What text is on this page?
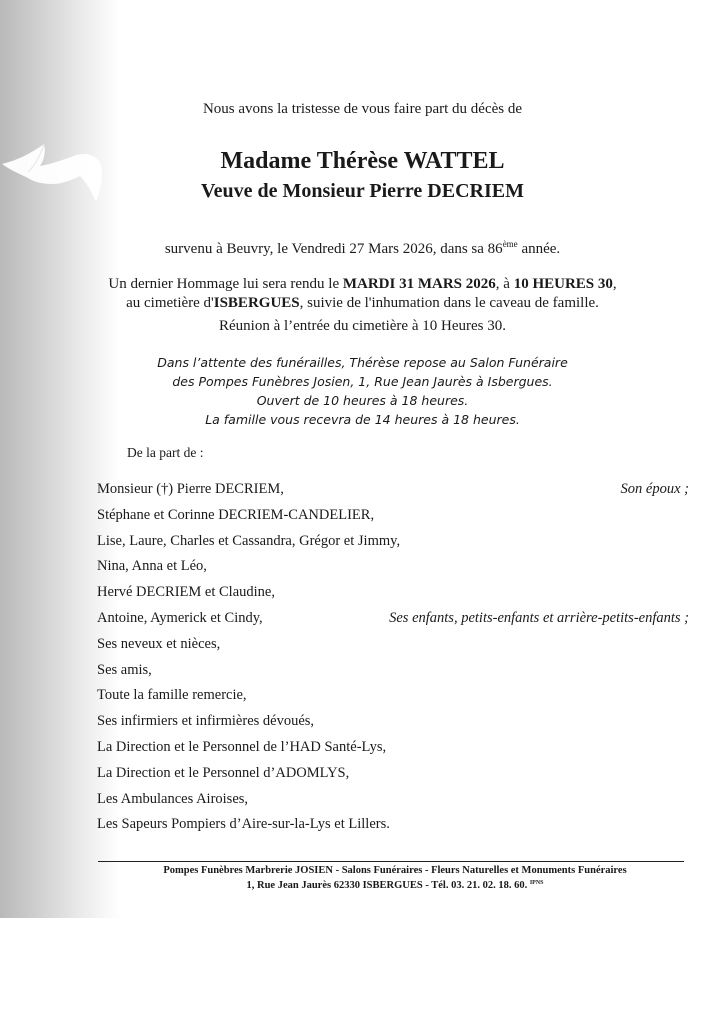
Nous avons la tristesse de vous faire part du décès de
Madame Thérèse WATTEL
Veuve de Monsieur Pierre DECRIEM
survenu à Beuvry, le Vendredi 27 Mars 2026, dans sa 86ème année.
Un dernier Hommage lui sera rendu le MARDI 31 MARS 2026, à 10 HEURES 30,
au cimetière d'ISBERGUES, suivie de l'inhumation dans le caveau de famille.
Réunion à l’entrée du cimetière à 10 Heures 30.
Dans l’attente des funérailles, Thérèse repose au Salon Funéraire
des Pompes Funèbres Josien, 1, Rue Jean Jaurès à Isbergues.
Ouvert de 10 heures à 18 heures.
La famille vous recevra de 14 heures à 18 heures.
De la part de :
Monsieur (†) Pierre DECRIEM,	Son époux ;
Stéphane et Corinne DECRIEM-CANDELIER,
Lise, Laure, Charles et Cassandra, Grégor et Jimmy,
Nina, Anna et Léo,
Hervé DECRIEM et Claudine,
Antoine, Aymerick et Cindy,	Ses enfants, petits-enfants et arrière-petits-enfants ;
Ses neveux et nièces,
Ses amis,
Toute la famille remercie,
Ses infirmiers et infirmières dévoués,
La Direction et le Personnel de l’HAD Santé-Lys,
La Direction et le Personnel d’ADOMLYS,
Les Ambulances Airoises,
Les Sapeurs Pompiers d’Aire-sur-la-Lys et Lillers.
Pompes Funèbres Marbrerie JOSIEN - Salons Funéraires - Fleurs Naturelles et Monuments Funéraires
1, Rue Jean Jaurès 62330 ISBERGUES - Tél. 03. 21. 02. 18. 60. $^{IPNS}$
